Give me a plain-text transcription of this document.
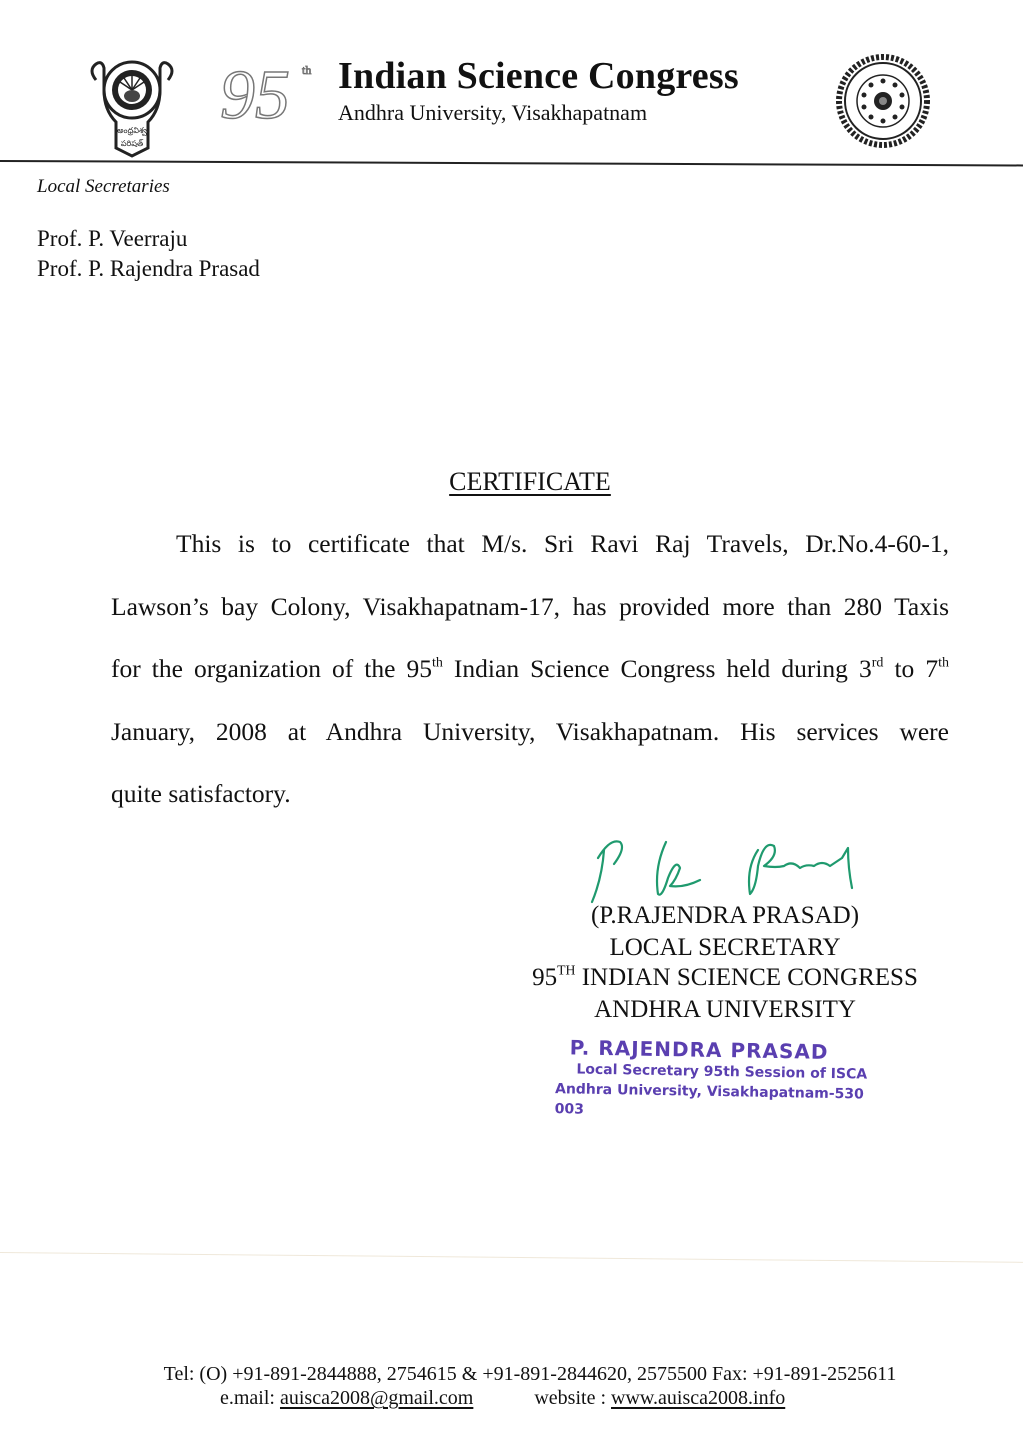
అంధ్రవిశ్వ
పరిషత్
95 th Indian Science Congress
Andhra University, Visakhapatnam
Local Secretaries
Prof. P. Veerraju
Prof. P. Rajendra Prasad
CERTIFICATE
This is to certificate that M/s. Sri Ravi Raj Travels, Dr.No.4-60-1,
Lawson’s bay Colony, Visakhapatnam-17, has provided more than 280 Taxis
for the organization of the 95th Indian Science Congress held during 3rd to 7th
January, 2008 at Andhra University, Visakhapatnam. His services were
quite satisfactory.
(P.RAJENDRA PRASAD)
LOCAL SECRETARY
95TH INDIAN SCIENCE CONGRESS
ANDHRA UNIVERSITY
P. RAJENDRA PRASAD
Local Secretary 95th Session of ISCA
Andhra University, Visakhapatnam-530 003
Tel: (O) +91-891-2844888, 2754615 & +91-891-2844620, 2575500 Fax: +91-891-2525611
e.mail: auisca2008@gmail.com	website : www.auisca2008.info
